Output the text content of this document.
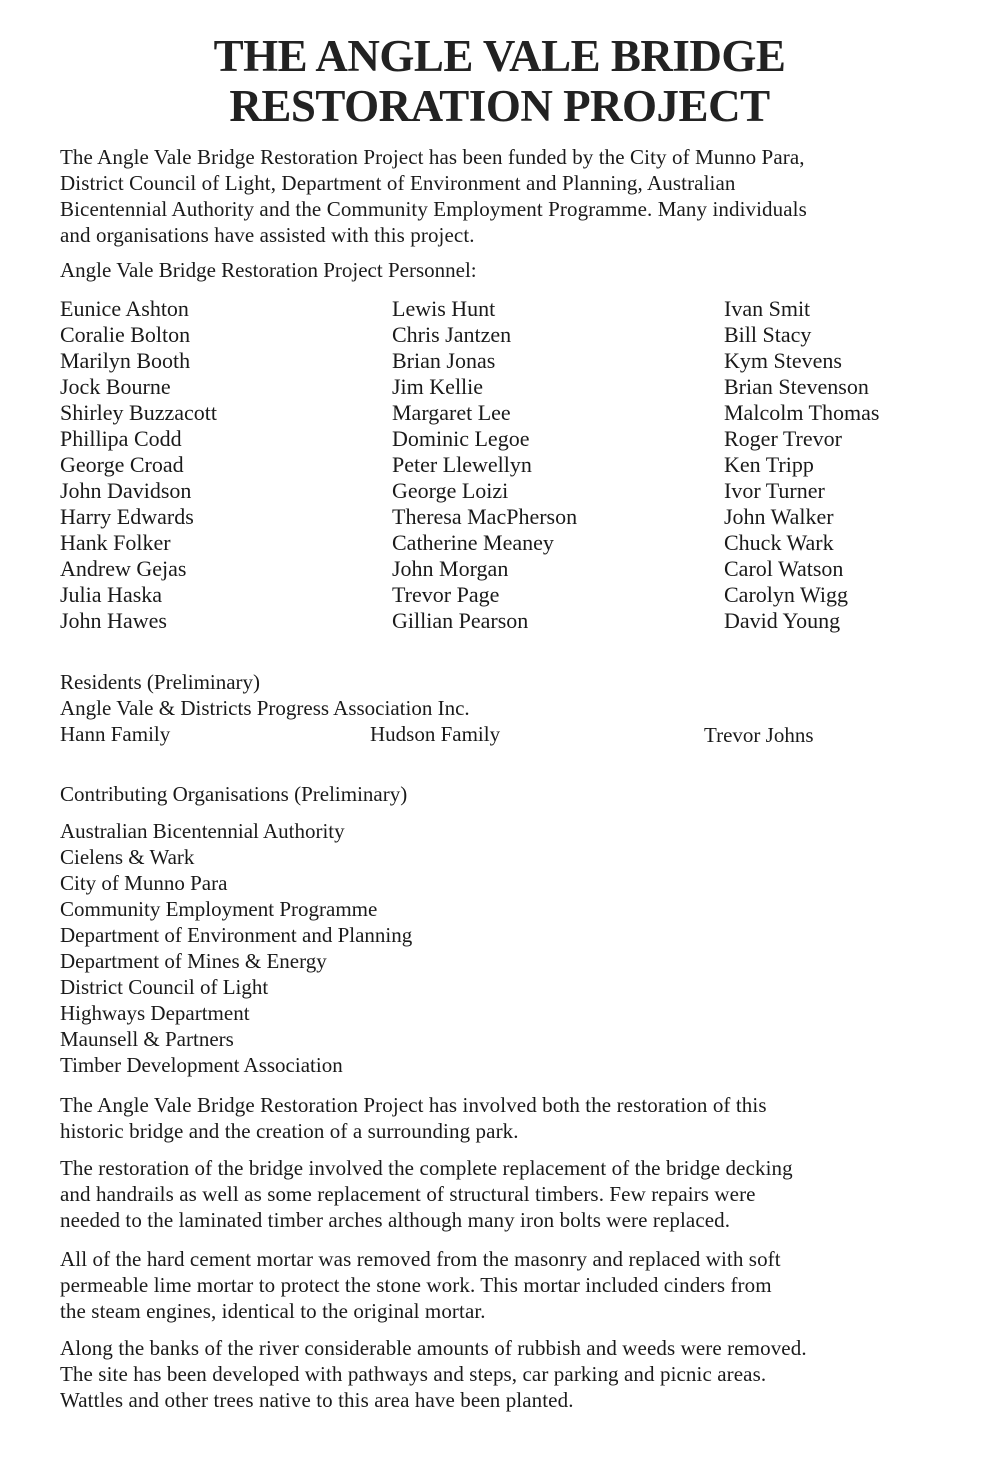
THE ANGLE VALE BRIDGE
RESTORATION PROJECT
The Angle Vale Bridge Restoration Project has been funded by the City of Munno Para,
District Council of Light, Department of Environment and Planning, Australian
Bicentennial Authority and the Community Employment Programme. Many individuals
and organisations have assisted with this project.
Angle Vale Bridge Restoration Project Personnel:
Eunice Ashton
Coralie Bolton
Marilyn Booth
Jock Bourne
Shirley Buzzacott
Phillipa Codd
George Croad
John Davidson
Harry Edwards
Hank Folker
Andrew Gejas
Julia Haska
John Hawes
Lewis Hunt
Chris Jantzen
Brian Jonas
Jim Kellie
Margaret Lee
Dominic Legoe
Peter Llewellyn
George Loizi
Theresa MacPherson
Catherine Meaney
John Morgan
Trevor Page
Gillian Pearson
Ivan Smit
Bill Stacy
Kym Stevens
Brian Stevenson
Malcolm Thomas
Roger Trevor
Ken Tripp
Ivor Turner
John Walker
Chuck Wark
Carol Watson
Carolyn Wigg
David Young
Residents (Preliminary)
Angle Vale & Districts Progress Association Inc.
Hann Family	Hudson Family	Trevor Johns
Contributing Organisations (Preliminary)
Australian Bicentennial Authority
Cielens & Wark
City of Munno Para
Community Employment Programme
Department of Environment and Planning
Department of Mines & Energy
District Council of Light
Highways Department
Maunsell & Partners
Timber Development Association
The Angle Vale Bridge Restoration Project has involved both the restoration of this
historic bridge and the creation of a surrounding park.
The restoration of the bridge involved the complete replacement of the bridge decking
and handrails as well as some replacement of structural timbers. Few repairs were
needed to the laminated timber arches although many iron bolts were replaced.
All of the hard cement mortar was removed from the masonry and replaced with soft
permeable lime mortar to protect the stone work. This mortar included cinders from
the steam engines, identical to the original mortar.
Along the banks of the river considerable amounts of rubbish and weeds were removed.
The site has been developed with pathways and steps, car parking and picnic areas.
Wattles and other trees native to this area have been planted.
